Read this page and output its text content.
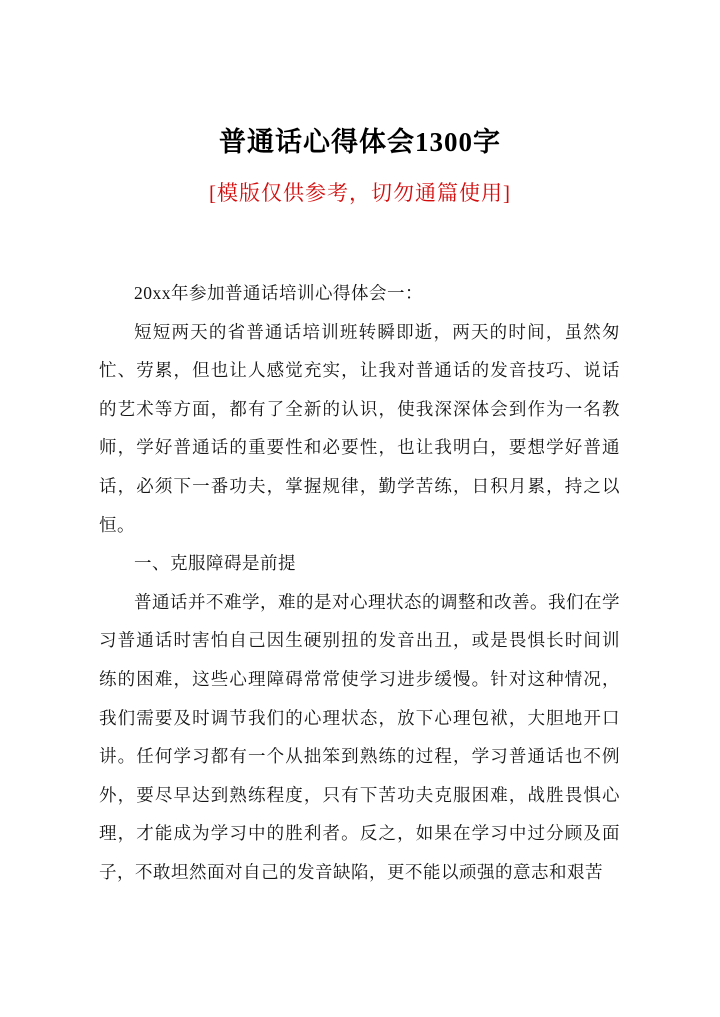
普通话心得体会1300字
[模版仅供参考，切勿通篇使用]

20xx年参加普通话培训心得体会一：

短短两天的省普通话培训班转瞬即逝，两天的时间，虽然匆忙、劳累，但也让人感觉充实，让我对普通话的发音技巧、说话的艺术等方面，都有了全新的认识，使我深深体会到作为一名教师，学好普通话的重要性和必要性，也让我明白，要想学好普通话，必须下一番功夫，掌握规律，勤学苦练，日积月累，持之以恒。

一、克服障碍是前提

普通话并不难学，难的是对心理状态的调整和改善。我们在学习普通话时害怕自己因生硬别扭的发音出丑，或是畏惧长时间训练的困难，这些心理障碍常常使学习进步缓慢。针对这种情况，我们需要及时调节我们的心理状态，放下心理包袱，大胆地开口讲。任何学习都有一个从拙笨到熟练的过程，学习普通话也不例外，要尽早达到熟练程度，只有下苦功夫克服困难，战胜畏惧心理，才能成为学习中的胜利者。反之，如果在学习中过分顾及面子，不敢坦然面对自己的发音缺陷，更不能以顽强的意志和艰苦
